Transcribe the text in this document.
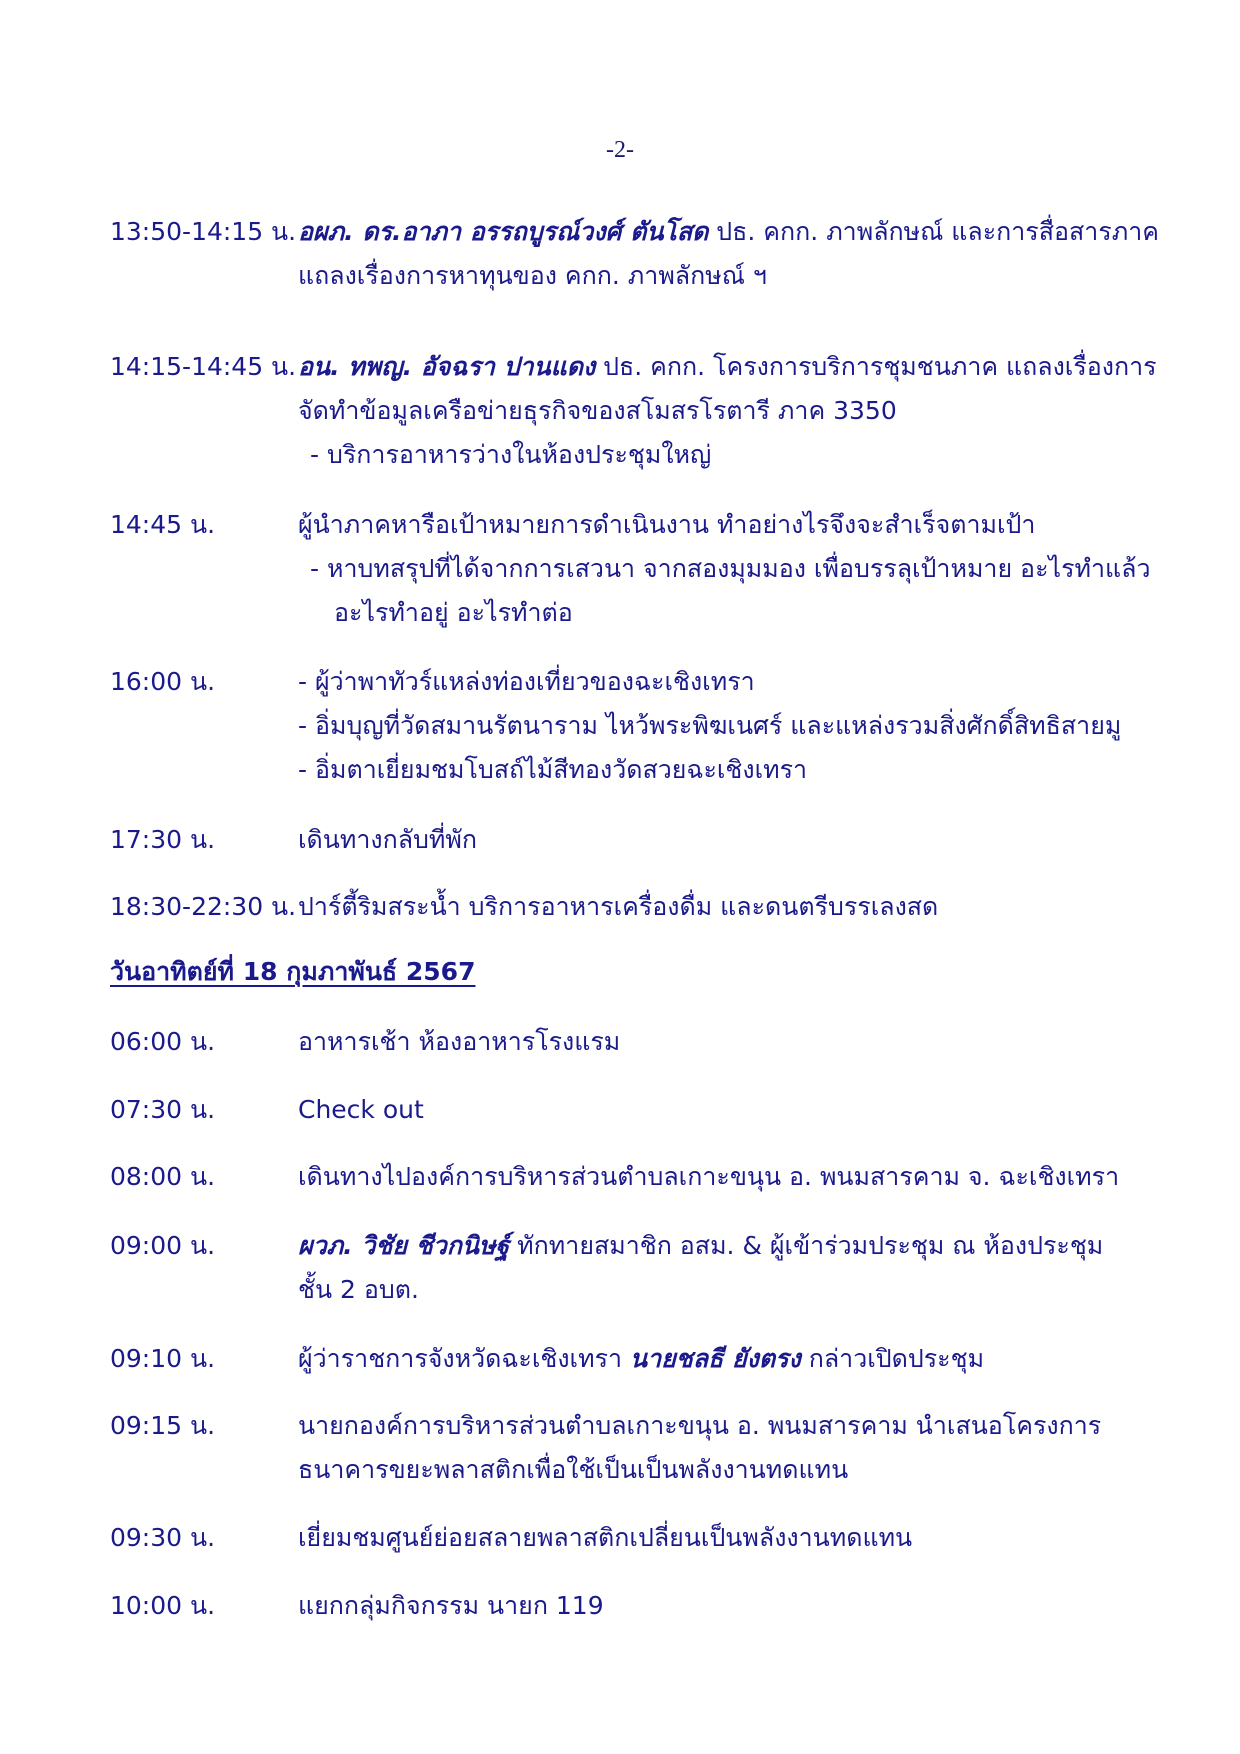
-2-
13:50-14:15 น. อผภ. ดร.อาภา อรรถบูรณ์วงศ์ ตันโสด ปธ. คกก. ภาพลักษณ์ และการสื่อสารภาค
แถลงเรื่องการหาทุนของ คกก. ภาพลักษณ์ ฯ
14:15-14:45 น. อน. ทพญ. อัจฉรา ปานแดง ปธ. คกก. โครงการบริการชุมชนภาค แถลงเรื่องการ
จัดทำข้อมูลเครือข่ายธุรกิจของสโมสรโรตารี ภาค 3350
- บริการอาหารว่างในห้องประชุมใหญ่
14:45 น.	ผู้นำภาคหารือเป้าหมายการดำเนินงาน ทำอย่างไรจึงจะสำเร็จตามเป้า
- หาบทสรุปที่ได้จากการเสวนา จากสองมุมมอง เพื่อบรรลุเป้าหมาย อะไรทำแล้ว อะไรทำอยู่ อะไรทำต่อ
16:00 น.	- ผู้ว่าพาทัวร์แหล่งท่องเที่ยวของฉะเชิงเทรา
- อิ่มบุญที่วัดสมานรัตนาราม ไหว้พระพิฆเนศร์ และแหล่งรวมสิ่งศักดิ์สิทธิสายมู
- อิ่มตาเยี่ยมชมโบสถ์ไม้สีทองวัดสวยฉะเชิงเทรา
17:30 น.	เดินทางกลับที่พัก
18:30-22:30 น. ปาร์ตี้ริมสระน้ำ บริการอาหารเครื่องดื่ม และดนตรีบรรเลงสด
วันอาทิตย์ที่ 18 กุมภาพันธ์ 2567
06:00 น.	อาหารเช้า ห้องอาหารโรงแรม
07:30 น.	Check out
08:00 น.	เดินทางไปองค์การบริหารส่วนตำบลเกาะขนุน อ. พนมสารคาม จ. ฉะเชิงเทรา
09:00 น.	ผวภ. วิชัย ชีวกนิษฐ์ ทักทายสมาชิก อสม. & ผู้เข้าร่วมประชุม ณ ห้องประชุม
ชั้น 2 อบต.
09:10 น.	ผู้ว่าราชการจังหวัดฉะเชิงเทรา นายชลธี ยังตรง กล่าวเปิดประชุม
09:15 น.	นายกองค์การบริหารส่วนตำบลเกาะขนุน อ. พนมสารคาม นำเสนอโครงการ
ธนาคารขยะพลาสติกเพื่อใช้เป็นเป็นพลังงานทดแทน
09:30 น.	เยี่ยมชมศูนย์ย่อยสลายพลาสติกเปลี่ยนเป็นพลังงานทดแทน
10:00 น.	แยกกลุ่มกิจกรรม นายก 119
